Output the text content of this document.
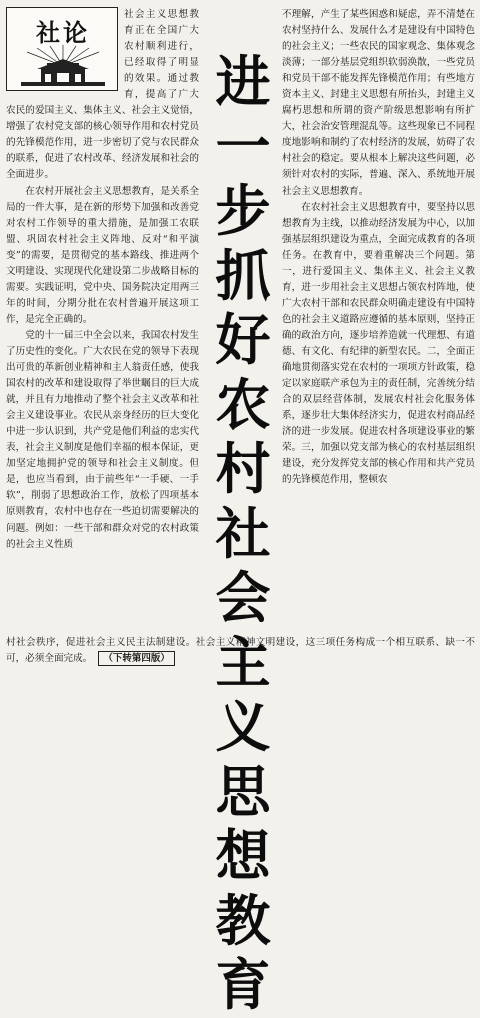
社论

社会主义思想教育正在全国广大农村顺利进行，已经取得了明显的效果。通过教育，提高了广大农民的爱国主义、集体主义、社会主义觉悟，增强了农村党支部的核心领导作用和农村党员的先锋模范作用，进一步密切了党与农民群众的联系，促进了农村改革、经济发展和社会的全面进步。

在农村开展社会主义思想教育，是关系全局的一件大事，是在新的形势下加强和改善党对农村工作领导的重大措施，是加强工农联盟、巩固农村社会主义阵地、反对“和平演变”的需要，是贯彻党的基本路线、推进两个文明建设、实现现代化建设第二步战略目标的需要。实践证明，党中央、国务院决定用两三年的时间，分期分批在农村普遍开展这项工作，是完全正确的。

党的十一届三中全会以来，我国农村发生了历史性的变化。广大农民在党的领导下表现出可贵的革新创业精神和主人翁责任感，使我国农村的改革和建设取得了举世瞩目的巨大成就，并且有力地推动了整个社会主义改革和社会主义建设事业。农民从亲身经历的巨大变化中进一步认识到，共产党是他们利益的忠实代表，社会主义制度是他们幸福的根本保证，更加坚定地拥护党的领导和社会主义制度。但是，也应当看到，由于前些年“一手硬、一手软”，削弱了思想政治工作，放松了四项基本原则教育，农村中也存在一些迫切需要解决的问题。例如：一些干部和群众对党的农村政策的社会主义性质

进
一
步
抓
好
农
村
社
会
主
义
思
想
教
育

不理解，产生了某些困惑和疑虑，弄不清楚在农村坚持什么、发展什么才是建设有中国特色的社会主义；一些农民的国家观念、集体观念淡薄；一部分基层党组织软弱涣散，一些党员和党员干部不能发挥先锋模范作用；有些地方资本主义、封建主义思想有所抬头，封建主义腐朽思想和所谓的资产阶级思想影响有所扩大，社会治安管理混乱等。这些现象已不同程度地影响和制约了农村经济的发展，妨碍了农村社会的稳定。要从根本上解决这些问题，必须针对农村的实际，普遍、深入、系统地开展社会主义思想教育。

在农村社会主义思想教育中，要坚持以思想教育为主线，以推动经济发展为中心，以加强基层组织建设为重点，全面完成教育的各项任务。在教育中，要着重解决三个问题。第一，进行爱国主义、集体主义、社会主义教育，进一步用社会主义思想占领农村阵地，使广大农村干部和农民群众明确走建设有中国特色的社会主义道路应遵循的基本原则，坚持正确的政治方向，逐步培养造就一代理想、有道德、有文化、有纪律的新型农民。二，全面正确地贯彻落实党在农村的一项项方针政策，稳定以家庭联产承包为主的责任制，完善统分结合的双层经营体制，发展农村社会化服务体系，逐步壮大集体经济实力，促进农村商品经济的进一步发展。促进农村各项建设事业的繁荣。三，加强以党支部为核心的农村基层组织建设，充分发挥党支部的核心作用和共产党员的先锋模范作用，整顿农

村社会秩序，促进社会主义民主法制建设。社会主义精神文明建设，这三项任务构成一个相互联系、缺一不可，必须全面完成。 （下转第四版）
